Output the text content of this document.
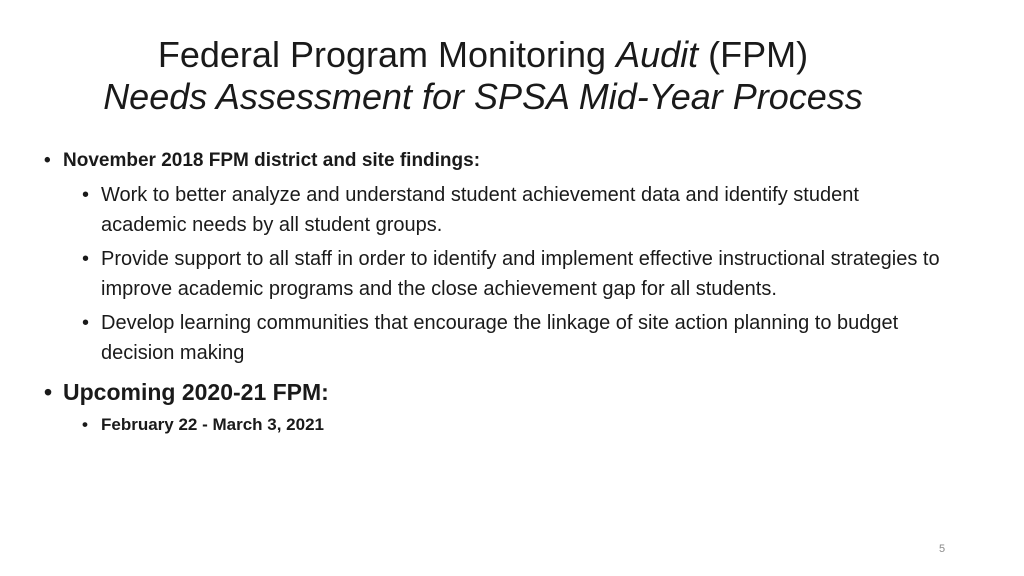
Federal Program Monitoring Audit (FPM)
Needs Assessment for SPSA Mid-Year Process
• November 2018 FPM district and site findings:
• Work to better analyze and understand student achievement data and identify student academic needs by all student groups.
• Provide support to all staff in order to identify and implement effective instructional strategies to improve academic programs and the close achievement gap for all students.
• Develop learning communities that encourage the linkage of site action planning to budget decision making
• Upcoming 2020-21 FPM:
• February 22 - March 3, 2021
5
